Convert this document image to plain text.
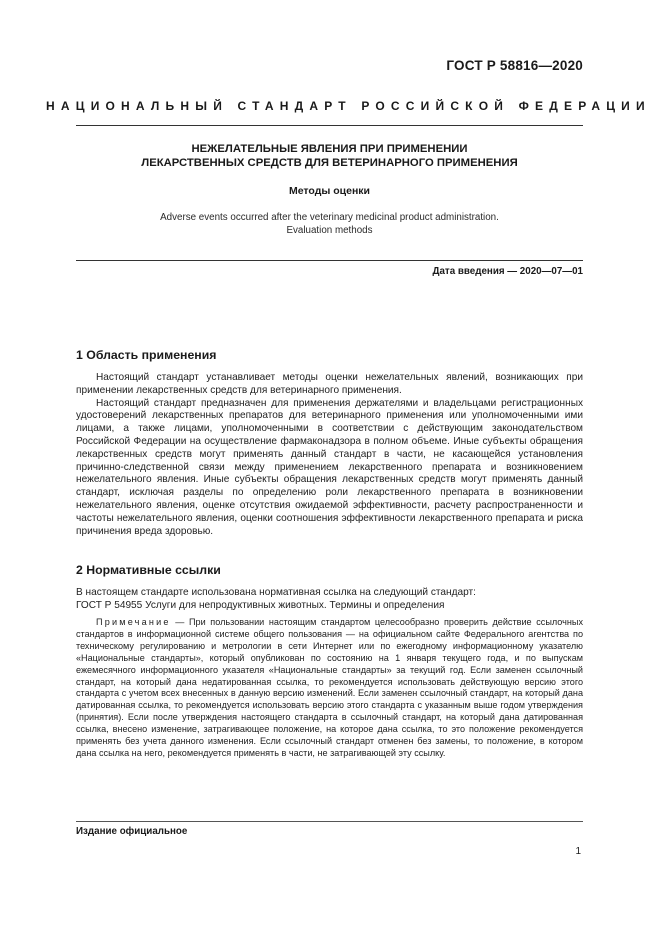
ГОСТ Р 58816—2020
НАЦИОНАЛЬНЫЙ СТАНДАРТ РОССИЙСКОЙ ФЕДЕРАЦИИ
НЕЖЕЛАТЕЛЬНЫЕ ЯВЛЕНИЯ ПРИ ПРИМЕНЕНИИ
ЛЕКАРСТВЕННЫХ СРЕДСТВ ДЛЯ ВЕТЕРИНАРНОГО ПРИМЕНЕНИЯ
Методы оценки
Adverse events occurred after the veterinary medicinal product administration.
Evaluation methods
Дата введения — 2020—07—01
1 Область применения

Настоящий стандарт устанавливает методы оценки нежелательных явлений, возникающих при применении лекарственных средств для ветеринарного применения.

Настоящий стандарт предназначен для применения держателями и владельцами регистрационных удостоверений лекарственных препаратов для ветеринарного применения или уполномоченными ими лицами, а также лицами, уполномоченными в соответствии с действующим законодательством Российской Федерации на осуществление фармаконадзора в полном объеме. Иные субъекты обращения лекарственных средств могут применять данный стандарт в части, не касающейся установления причинно-следственной связи между применением лекарственного препарата и возникновением нежелательного явления. Иные субъекты обращения лекарственных средств могут применять данный стандарт, исключая разделы по определению роли лекарственного препарата в возникновении нежелательного явления, оценке отсутствия ожидаемой эффективности, расчету распространенности и частоты нежелательного явления, оценки соотношения эффективности лекарственного препарата и риска причинения вреда здоровью.

2 Нормативные ссылки

В настоящем стандарте использована нормативная ссылка на следующий стандарт:

ГОСТ Р 54955 Услуги для непродуктивных животных. Термины и определения

Примечание — При пользовании настоящим стандартом целесообразно проверить действие ссылочных стандартов в информационной системе общего пользования — на официальном сайте Федерального агентства по техническому регулированию и метрологии в сети Интернет или по ежегодному информационному указателю «Национальные стандарты», который опубликован по состоянию на 1 января текущего года, и по выпускам ежемесячного информационного указателя «Национальные стандарты» за текущий год. Если заменен ссылочный стандарт, на который дана недатированная ссылка, то рекомендуется использовать действующую версию этого стандарта с учетом всех внесенных в данную версию изменений. Если заменен ссылочный стандарт, на который дана датированная ссылка, то рекомендуется использовать версию этого стандарта с указанным выше годом утверждения (принятия). Если после утверждения настоящего стандарта в ссылочный стандарт, на который дана датированная ссылка, внесено изменение, затрагивающее положение, на которое дана ссылка, то это положение рекомендуется применять без учета данного изменения. Если ссылочный стандарт отменен без замены, то положение, в котором дана ссылка на него, рекомендуется применять в части, не затрагивающей эту ссылку.

Издание официальное
1
